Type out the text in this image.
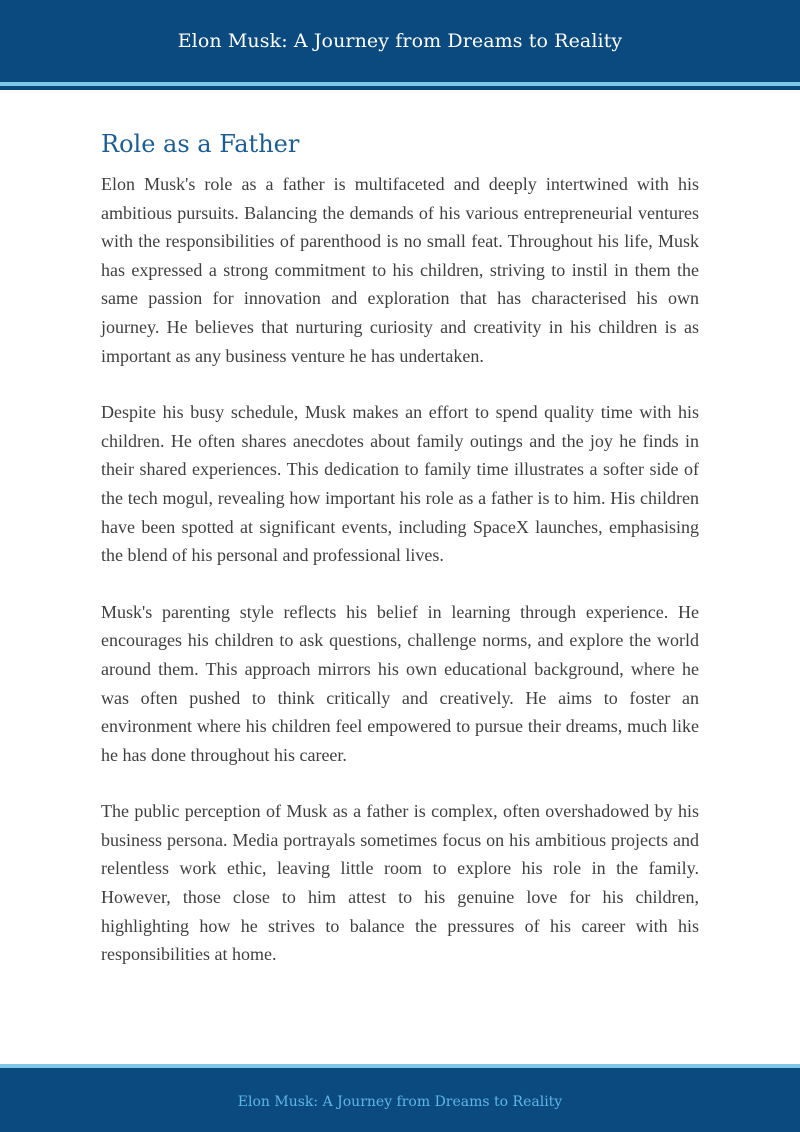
Elon Musk: A Journey from Dreams to Reality
Role as a Father

Elon Musk's role as a father is multifaceted and deeply intertwined with his ambitious pursuits. Balancing the demands of his various entrepreneurial ventures with the responsibilities of parenthood is no small feat. Throughout his life, Musk has expressed a strong commitment to his children, striving to instil in them the same passion for innovation and exploration that has characterised his own journey. He believes that nurturing curiosity and creativity in his children is as important as any business venture he has undertaken.

Despite his busy schedule, Musk makes an effort to spend quality time with his children. He often shares anecdotes about family outings and the joy he finds in their shared experiences. This dedication to family time illustrates a softer side of the tech mogul, revealing how important his role as a father is to him. His children have been spotted at significant events, including SpaceX launches, emphasising the blend of his personal and professional lives.

Musk's parenting style reflects his belief in learning through experience. He encourages his children to ask questions, challenge norms, and explore the world around them. This approach mirrors his own educational background, where he was often pushed to think critically and creatively. He aims to foster an environment where his children feel empowered to pursue their dreams, much like he has done throughout his career.

The public perception of Musk as a father is complex, often overshadowed by his business persona. Media portrayals sometimes focus on his ambitious projects and relentless work ethic, leaving little room to explore his role in the family. However, those close to him attest to his genuine love for his children, highlighting how he strives to balance the pressures of his career with his responsibilities at home.

Elon Musk: A Journey from Dreams to Reality
